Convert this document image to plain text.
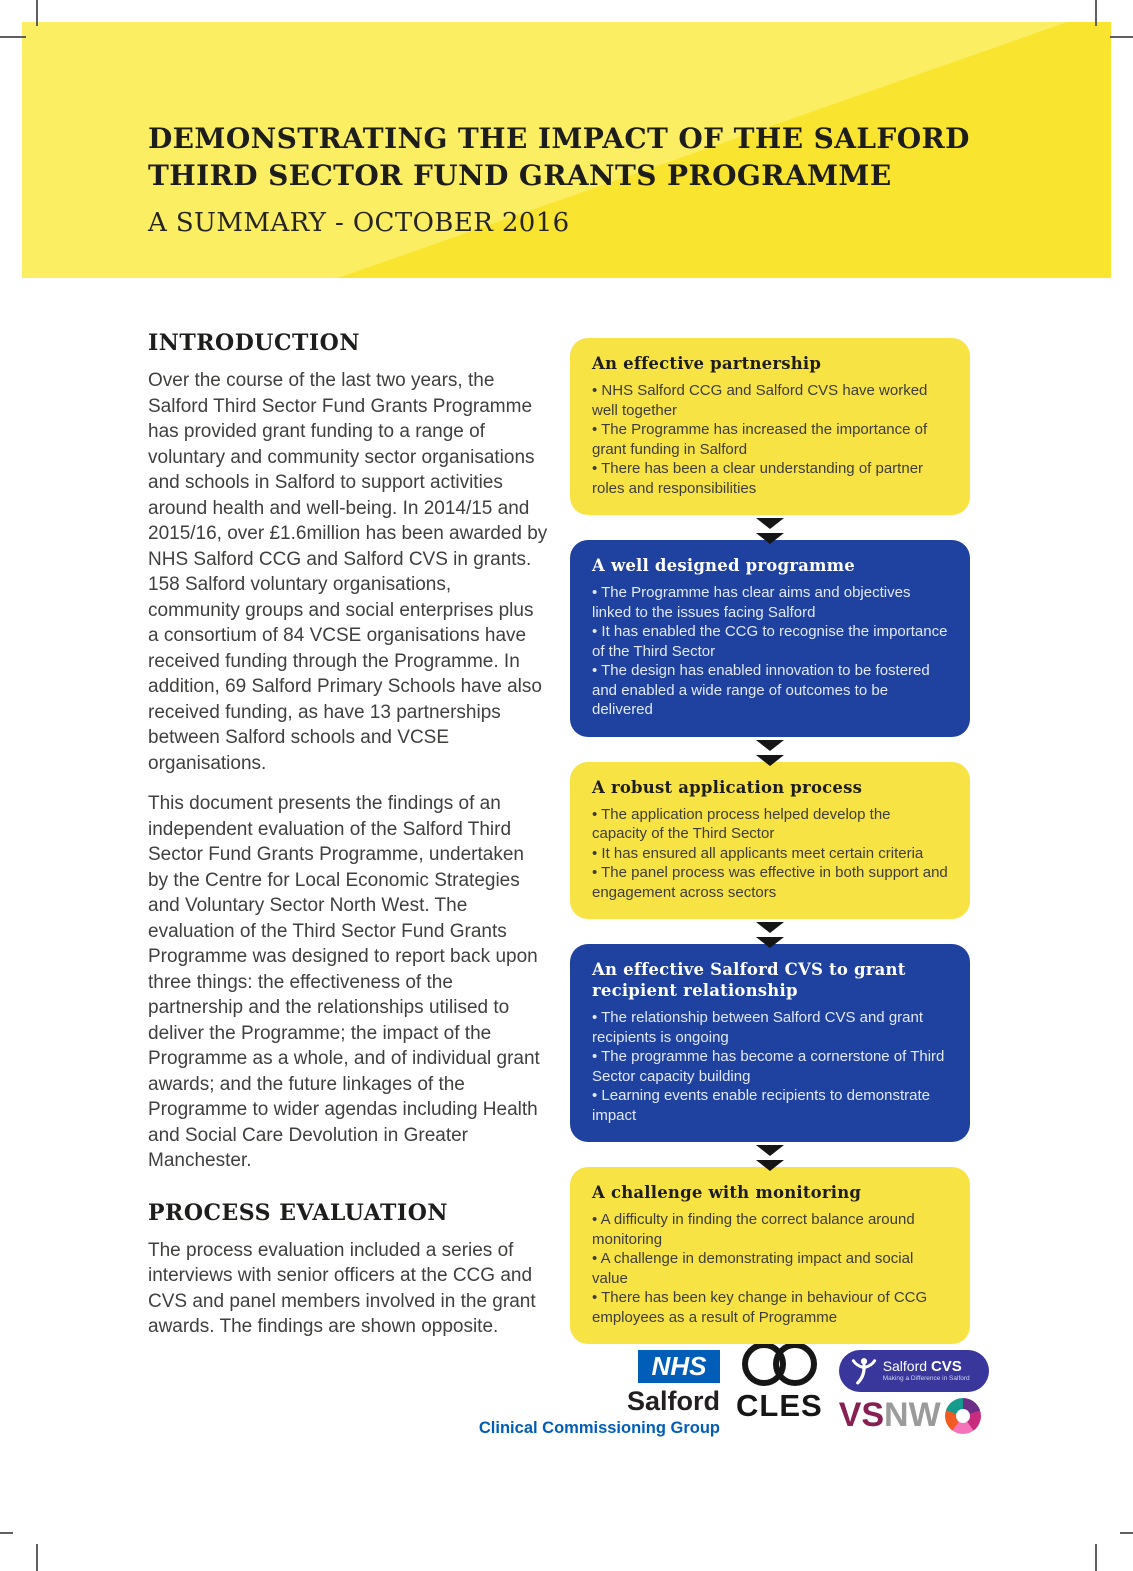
DEMONSTRATING THE IMPACT OF THE SALFORD
THIRD SECTOR FUND GRANTS PROGRAMME
A SUMMARY - OCTOBER 2016
INTRODUCTION

Over the course of the last two years, the Salford Third Sector Fund Grants Programme has provided grant funding to a range of voluntary and community sector organisations and schools in Salford to support activities around health and well-being. In 2014/15 and 2015/16, over £1.6million has been awarded by NHS Salford CCG and Salford CVS in grants. 158 Salford voluntary organisations, community groups and social enterprises plus a consortium of 84 VCSE organisations have received funding through the Programme. In addition, 69 Salford Primary Schools have also received funding, as have 13 partnerships between Salford schools and VCSE organisations.

This document presents the findings of an independent evaluation of the Salford Third Sector Fund Grants Programme, undertaken by the Centre for Local Economic Strategies and Voluntary Sector North West. The evaluation of the Third Sector Fund Grants Programme was designed to report back upon three things: the effectiveness of the partnership and the relationships utilised to deliver the Programme; the impact of the Programme as a whole, and of individual grant awards; and the future linkages of the Programme to wider agendas including Health and Social Care Devolution in Greater Manchester.

PROCESS EVALUATION

The process evaluation included a series of interviews with senior officers at the CCG and CVS and panel members involved in the grant awards. The findings are shown opposite.

An effective partnership

• NHS Salford CCG and Salford CVS have worked well together

• The Programme has increased the importance of grant funding in Salford

• There has been a clear understanding of partner roles and responsibilities

A well designed programme

• The Programme has clear aims and objectives linked to the issues facing Salford

• It has enabled the CCG to recognise the importance of the Third Sector

• The design has enabled innovation to be fostered and enabled a wide range of outcomes to be delivered

A robust application process

• The application process helped develop the capacity of the Third Sector

• It has ensured all applicants meet certain criteria

• The panel process was effective in both support and engagement across sectors

An effective Salford CVS to grant recipient relationship

• The relationship between Salford CVS and grant recipients is ongoing

• The programme has become a cornerstone of Third Sector capacity building

• Learning events enable recipients to demonstrate impact

A challenge with monitoring

• A difficulty in finding the correct balance around monitoring

• A challenge in demonstrating impact and social value

• There has been key change in behaviour of CCG employees as a result of Programme

NHS
Salford
Clinical Commissioning Group
CLES
Salford CVS
Making a Difference in Salford
VSNW
